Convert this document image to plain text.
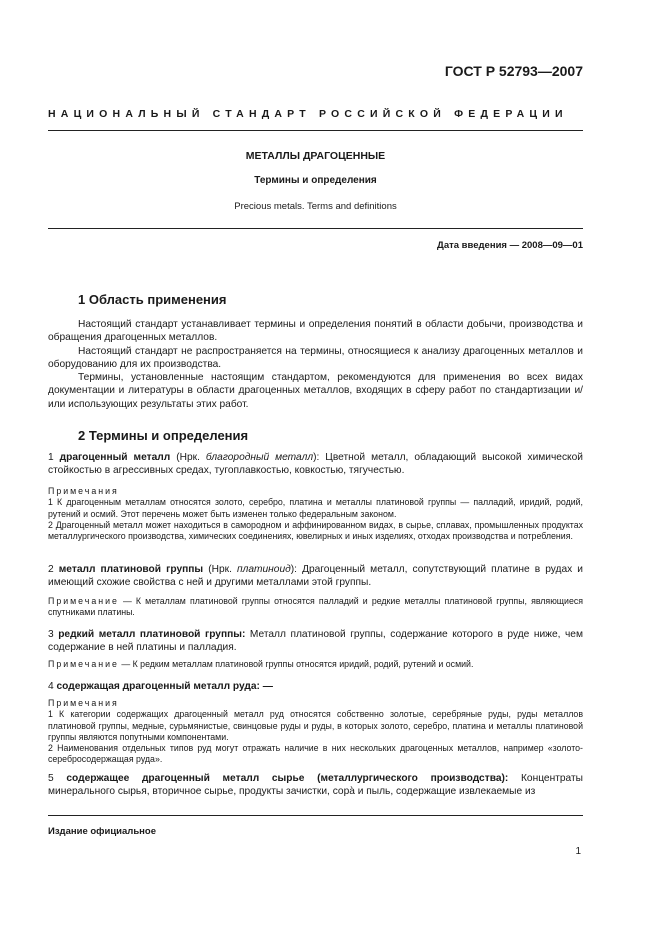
ГОСТ Р 52793—2007
НАЦИОНАЛЬНЫЙ СТАНДАРТ РОССИЙСКОЙ ФЕДЕРАЦИИ
МЕТАЛЛЫ ДРАГОЦЕННЫЕ
Термины и определения
Precious metals. Terms and definitions
Дата введения — 2008—09—01
1 Область применения

Настоящий стандарт устанавливает термины и определения понятий в области добычи, производства и обращения драгоценных металлов.

Настоящий стандарт не распространяется на термины, относящиеся к анализу драгоценных металлов и оборудованию для их производства.

Термины, установленные настоящим стандартом, рекомендуются для применения во всех видах документации и литературы в области драгоценных металлов, входящих в сферу работ по стандартизации и/или использующих результаты этих работ.

2 Термины и определения
1 драгоценный металл (Нрк. благородный металл): Цветной металл, обладающий высокой химической стойкостью в агрессивных средах, тугоплавкостью, ковкостью, тягучестью.
Примечания
1 К драгоценным металлам относятся золото, серебро, платина и металлы платиновой группы — палладий, иридий, родий, рутений и осмий. Этот перечень может быть изменен только федеральным законом.
2 Драгоценный металл может находиться в самородном и аффинированном видах, в сырье, сплавах, промышленных продуктах металлургического производства, химических соединениях, ювелирных и иных изделиях, отходах производства и потребления.
2 металл платиновой группы (Нрк. платиноид): Драгоценный металл, сопутствующий платине в рудах и имеющий схожие свойства с ней и другими металлами этой группы.
Примечание — К металлам платиновой группы относятся палладий и редкие металлы платиновой группы, являющиеся спутниками платины.
3 редкий металл платиновой группы: Металл платиновой группы, содержание которого в руде ниже, чем содержание в ней платины и палладия.
Примечание — К редким металлам платиновой группы относятся иридий, родий, рутений и осмий.
4 содержащая драгоценный металл руда: —
Примечания
1 К категории содержащих драгоценный металл руд относятся собственно золотые, серебряные руды, руды металлов платиновой группы, медные, сурьмянистые, свинцовые руды и руды, в которых золото, серебро, платина и металлы платиновой группы являются попутными компонентами.
2 Наименования отдельных типов руд могут отражать наличие в них нескольких драгоценных металлов, например «золото-серебросодержащая руда».
5 содержащее драгоценный металл сырье (металлургического производства): Концентраты минерального сырья, вторичное сырье, продукты зачистки, сора̀ и пыль, содержащие извлекаемые из
Издание официальное
1
